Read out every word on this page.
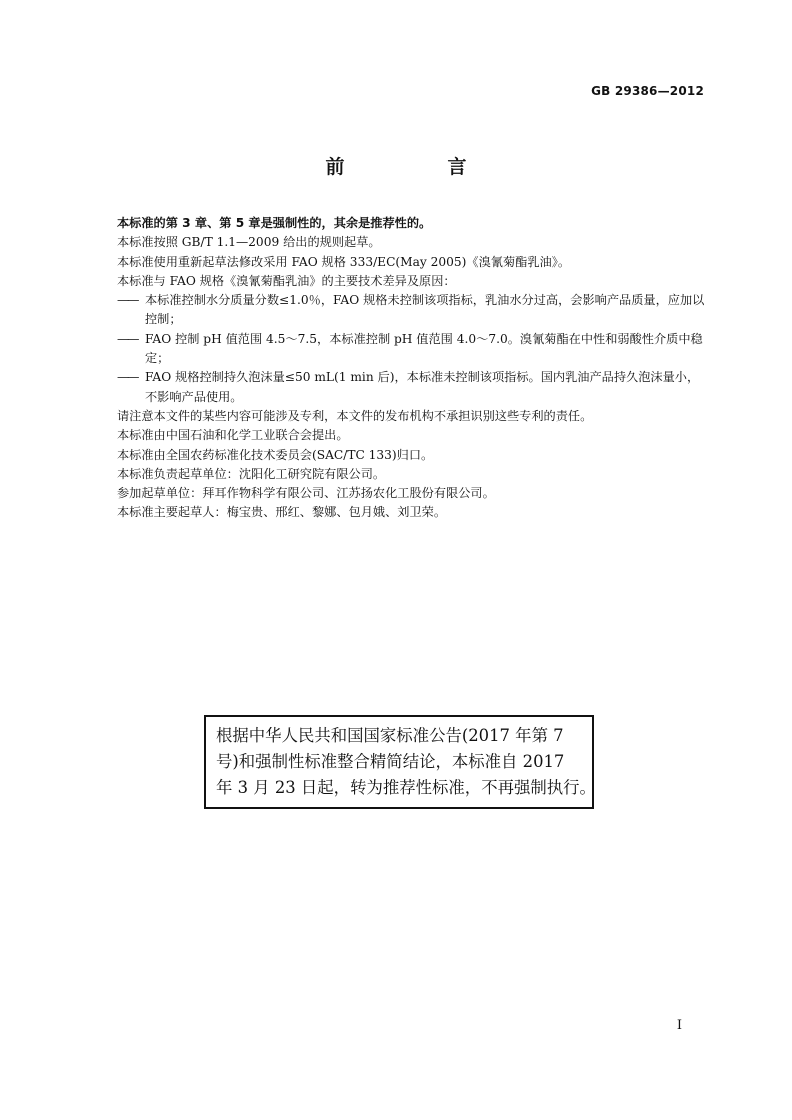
GB 29386—2012
前　言

本标准的第 3 章、第 5 章是强制性的，其余是推荐性的。

本标准按照 GB/T 1.1—2009 给出的规则起草。

本标准使用重新起草法修改采用 FAO 规格 333/EC(May 2005)《溴氰菊酯乳油》。

本标准与 FAO 规格《溴氰菊酯乳油》的主要技术差异及原因：

—— 本标准控制水分质量分数≤1.0％，FAO 规格未控制该项指标，乳油水分过高，会影响产品质量，应加以控制；

—— FAO 控制 pH 值范围 4.5～7.5，本标准控制 pH 值范围 4.0～7.0。溴氰菊酯在中性和弱酸性介质中稳定；

—— FAO 规格控制持久泡沫量≤50 mL(1 min 后)，本标准未控制该项指标。国内乳油产品持久泡沫量小，不影响产品使用。

请注意本文件的某些内容可能涉及专利，本文件的发布机构不承担识别这些专利的责任。

本标准由中国石油和化学工业联合会提出。

本标准由全国农药标准化技术委员会(SAC/TC 133)归口。

本标准负责起草单位：沈阳化工研究院有限公司。

参加起草单位：拜耳作物科学有限公司、江苏扬农化工股份有限公司。

本标准主要起草人：梅宝贵、邢红、黎娜、包月娥、刘卫荣。

根据中华人民共和国国家标准公告(2017 年第 7
号)和强制性标准整合精简结论，本标准自 2017
年 3 月 23 日起，转为推荐性标准，不再强制执行。
I
